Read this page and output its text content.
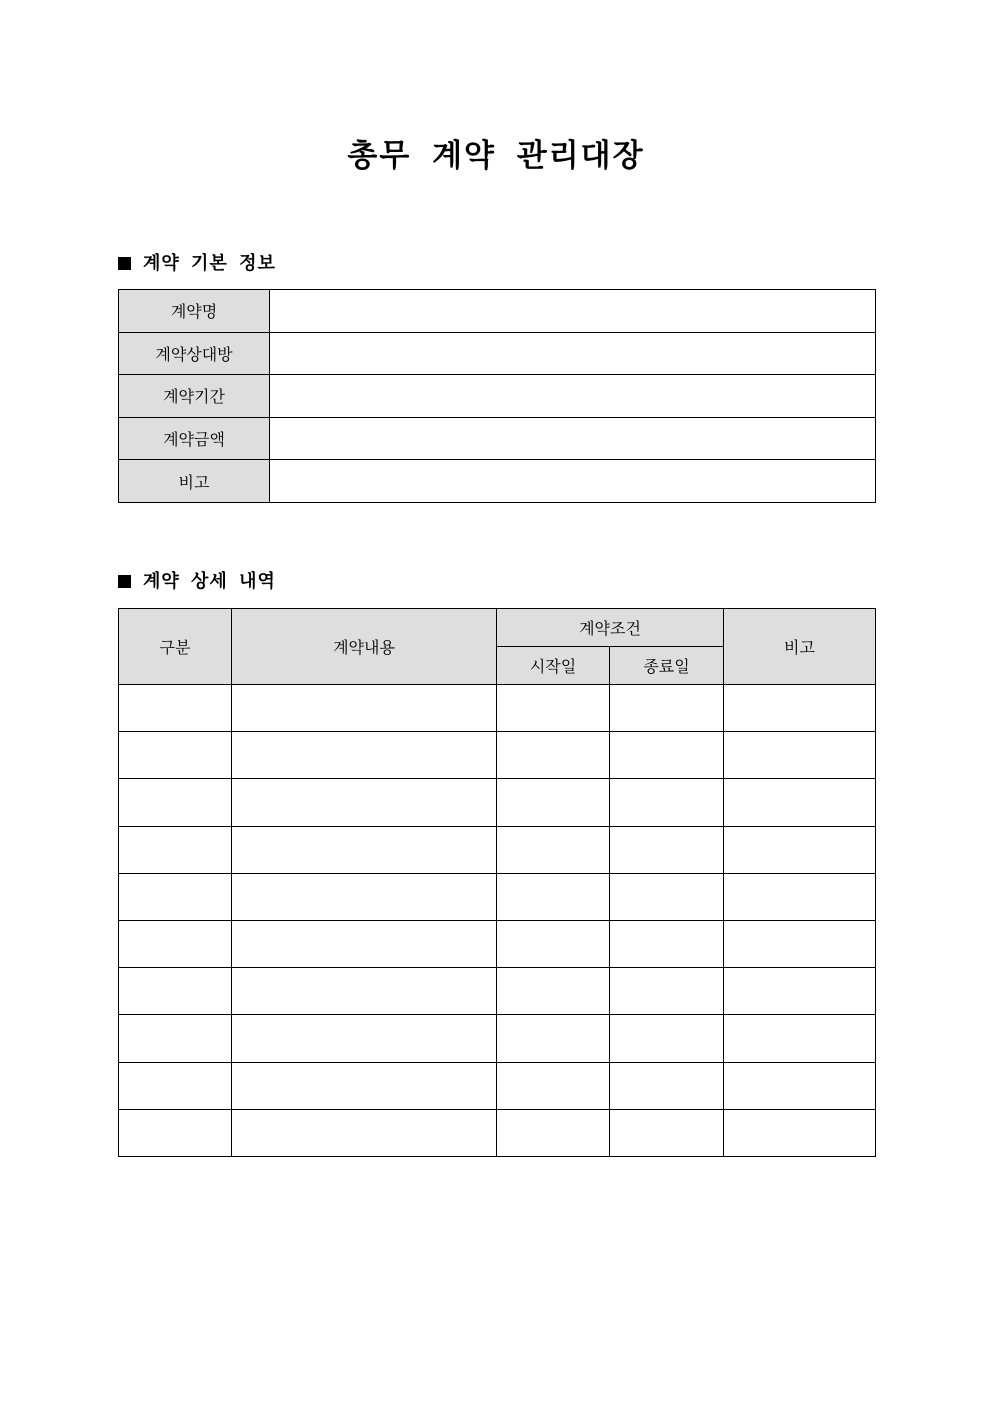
총무 계약 관리대장
계약 기본 정보
계약명	
계약상대방	
계약기간	
계약금액	
비고	
계약 상세 내역
구분	계약내용	계약조건		비고
		시작일	종료일	
